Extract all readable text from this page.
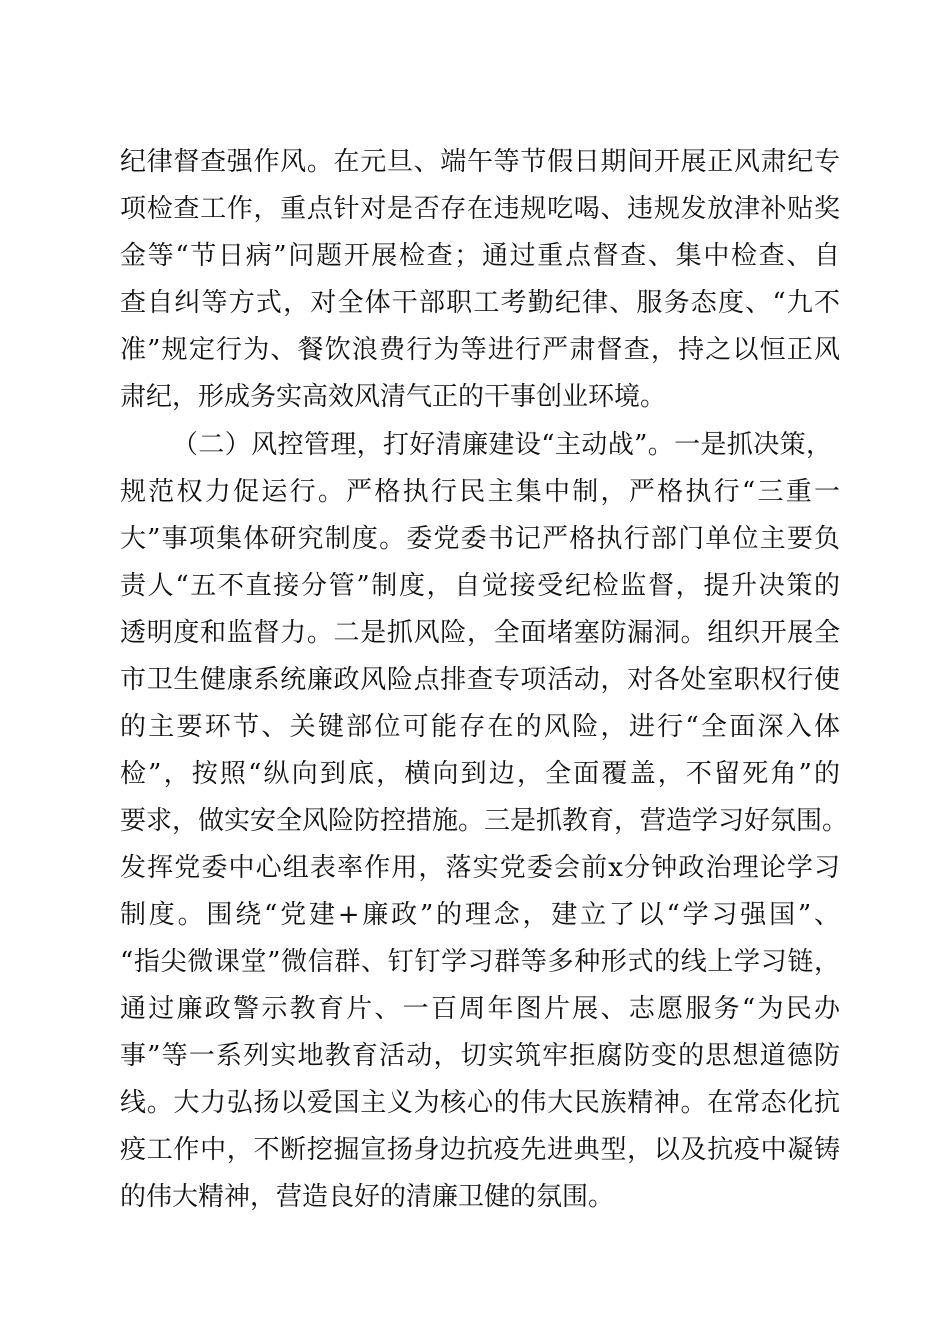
纪律督查强作风。在元旦、端午等节假日期间开展正风肃纪专
项检查工作，重点针对是否存在违规吃喝、违规发放津补贴奖
金等“节日病”问题开展检查；通过重点督查、集中检查、自
查自纠等方式，对全体干部职工考勤纪律、服务态度、“九不
准”规定行为、餐饮浪费行为等进行严肃督查，持之以恒正风
肃纪，形成务实高效风清气正的干事创业环境。
（二）风控管理，打好清廉建设“主动战”。一是抓决策，
规范权力促运行。严格执行民主集中制，严格执行“三重一
大”事项集体研究制度。委党委书记严格执行部门单位主要负
责人“五不直接分管”制度，自觉接受纪检监督，提升决策的
透明度和监督力。二是抓风险，全面堵塞防漏洞。组织开展全
市卫生健康系统廉政风险点排查专项活动，对各处室职权行使
的主要环节、关键部位可能存在的风险，进行“全面深入体
检”，按照“纵向到底，横向到边，全面覆盖，不留死角”的
要求，做实安全风险防控措施。三是抓教育，营造学习好氛围。
发挥党委中心组表率作用，落实党委会前x分钟政治理论学习
制度。围绕“党建+廉政”的理念，建立了以“学习强国”、
“指尖微课堂”微信群、钉钉学习群等多种形式的线上学习链，
通过廉政警示教育片、一百周年图片展、志愿服务“为民办
事”等一系列实地教育活动，切实筑牢拒腐防变的思想道德防
线。大力弘扬以爱国主义为核心的伟大民族精神。在常态化抗
疫工作中，不断挖掘宣扬身边抗疫先进典型，以及抗疫中凝铸
的伟大精神，营造良好的清廉卫健的氛围。
